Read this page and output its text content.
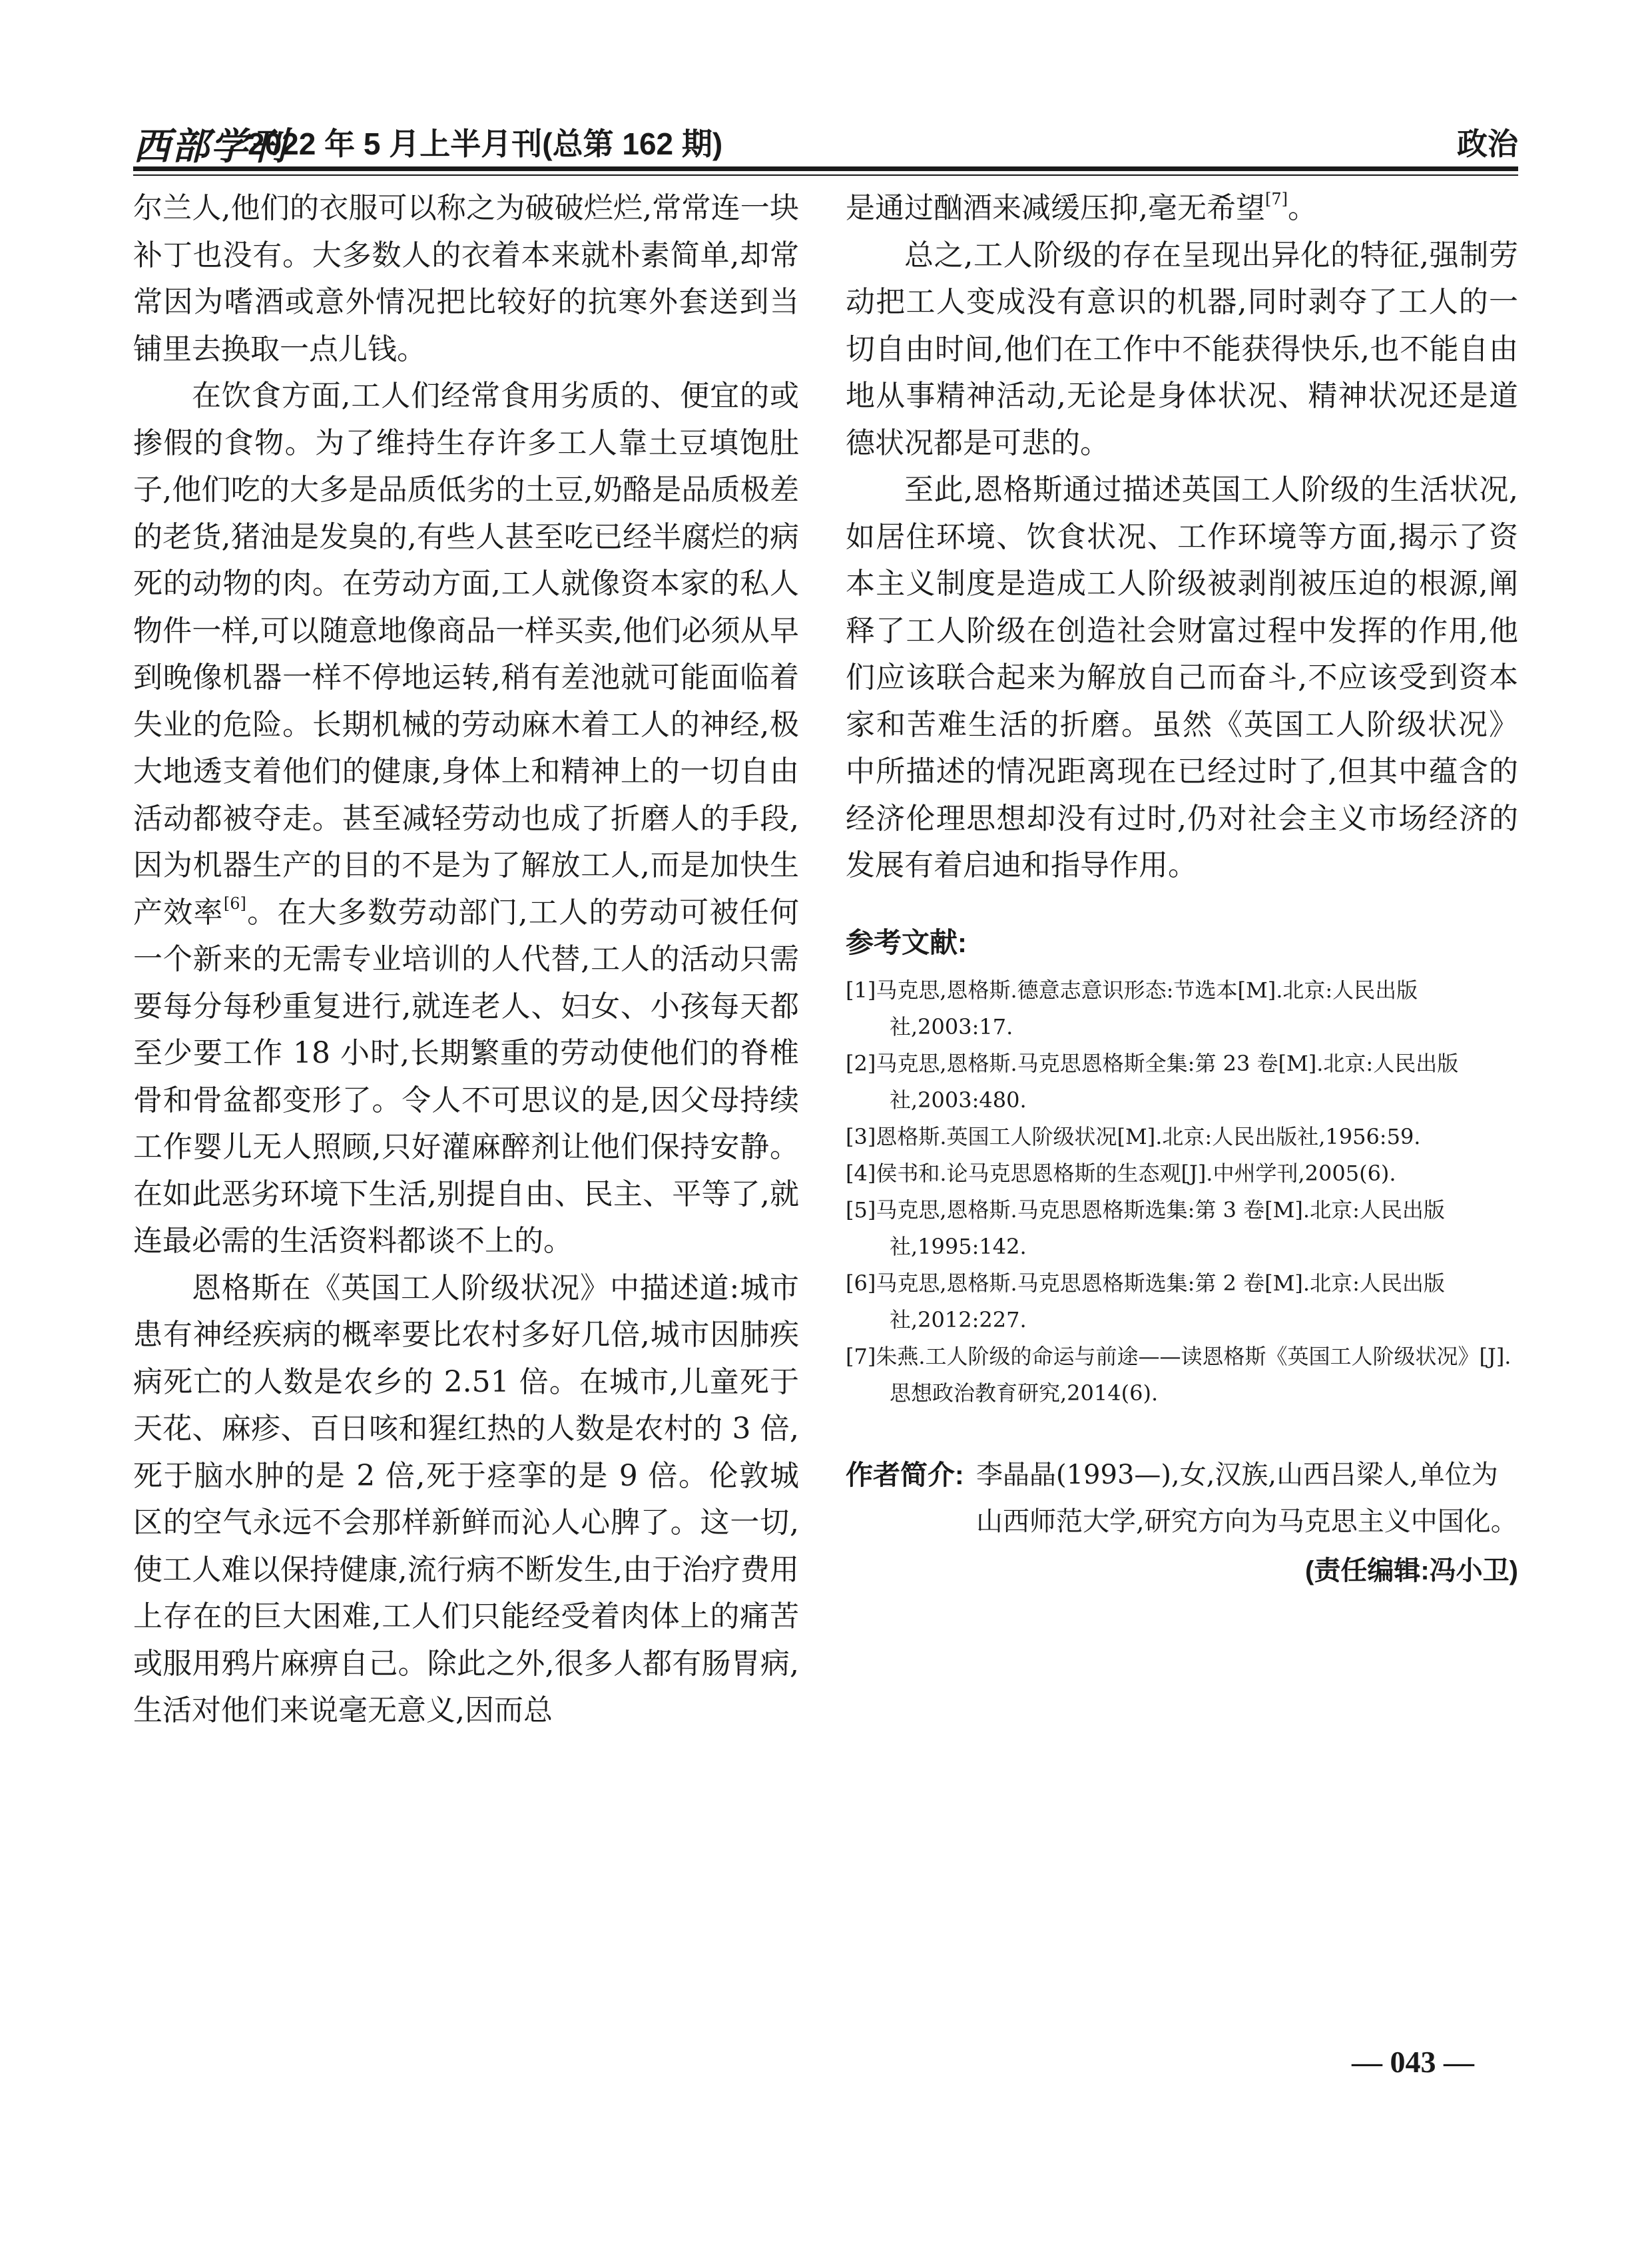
西部学刊
2022 年 5 月上半月刊(总第 162 期)	政治

尔兰人,他们的衣服可以称之为破破烂烂,常常连一块补丁也没有。大多数人的衣着本来就朴素简单,却常常因为嗜酒或意外情况把比较好的抗寒外套送到当铺里去换取一点儿钱。

在饮食方面,工人们经常食用劣质的、便宜的或掺假的食物。为了维持生存许多工人靠土豆填饱肚子,他们吃的大多是品质低劣的土豆,奶酪是品质极差的老货,猪油是发臭的,有些人甚至吃已经半腐烂的病死的动物的肉。在劳动方面,工人就像资本家的私人物件一样,可以随意地像商品一样买卖,他们必须从早到晚像机器一样不停地运转,稍有差池就可能面临着失业的危险。长期机械的劳动麻木着工人的神经,极大地透支着他们的健康,身体上和精神上的一切自由活动都被夺走。甚至减轻劳动也成了折磨人的手段,因为机器生产的目的不是为了解放工人,而是加快生产效率[6]。在大多数劳动部门,工人的劳动可被任何一个新来的无需专业培训的人代替,工人的活动只需要每分每秒重复进行,就连老人、妇女、小孩每天都至少要工作 18 小时,长期繁重的劳动使他们的脊椎骨和骨盆都变形了。令人不可思议的是,因父母持续工作婴儿无人照顾,只好灌麻醉剂让他们保持安静。在如此恶劣环境下生活,别提自由、民主、平等了,就连最必需的生活资料都谈不上的。

恩格斯在《英国工人阶级状况》中描述道:城市患有神经疾病的概率要比农村多好几倍,城市因肺疾病死亡的人数是农乡的 2.51 倍。在城市,儿童死于天花、麻疹、百日咳和猩红热的人数是农村的 3 倍,死于脑水肿的是 2 倍,死于痉挛的是 9 倍。伦敦城区的空气永远不会那样新鲜而沁人心脾了。这一切,使工人难以保持健康,流行病不断发生,由于治疗费用上存在的巨大困难,工人们只能经受着肉体上的痛苦或服用鸦片麻痹自己。除此之外,很多人都有肠胃病,生活对他们来说毫无意义,因而总

是通过酗酒来减缓压抑,毫无希望[7]。

总之,工人阶级的存在呈现出异化的特征,强制劳动把工人变成没有意识的机器,同时剥夺了工人的一切自由时间,他们在工作中不能获得快乐,也不能自由地从事精神活动,无论是身体状况、精神状况还是道德状况都是可悲的。

至此,恩格斯通过描述英国工人阶级的生活状况,如居住环境、饮食状况、工作环境等方面,揭示了资本主义制度是造成工人阶级被剥削被压迫的根源,阐释了工人阶级在创造社会财富过程中发挥的作用,他们应该联合起来为解放自己而奋斗,不应该受到资本家和苦难生活的折磨。虽然《英国工人阶级状况》中所描述的情况距离现在已经过时了,但其中蕴含的经济伦理思想却没有过时,仍对社会主义市场经济的发展有着启迪和指导作用。

参考文献:
[1]马克思,恩格斯.德意志意识形态:节选本[M].北京:人民出版社,2003:17.
[2]马克思,恩格斯.马克思恩格斯全集:第 23 卷[M].北京:人民出版社,2003:480.
[3]恩格斯.英国工人阶级状况[M].北京:人民出版社,1956:59.
[4]侯书和.论马克思恩格斯的生态观[J].中州学刊,2005(6).
[5]马克思,恩格斯.马克思恩格斯选集:第 3 卷[M].北京:人民出版社,1995:142.
[6]马克思,恩格斯.马克思恩格斯选集:第 2 卷[M].北京:人民出版社,2012:227.
[7]朱燕.工人阶级的命运与前途——读恩格斯《英国工人阶级状况》[J].思想政治教育研究,2014(6).
作者简介: 李晶晶(1993—),女,汉族,山西吕梁人,单位为山西师范大学,研究方向为马克思主义中国化。
(责任编辑:冯小卫)
— 043 —
